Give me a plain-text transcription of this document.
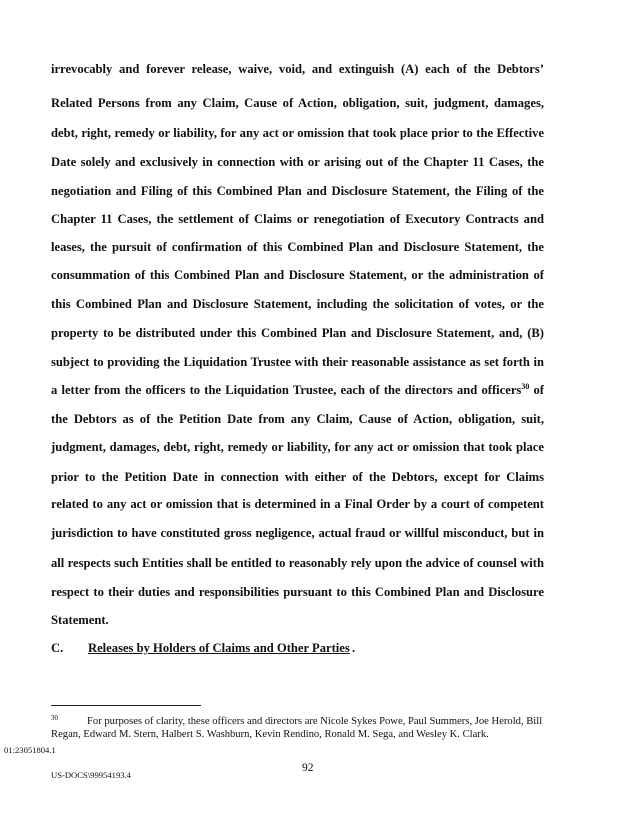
irrevocably and forever release, waive, void, and extinguish (A) each of the Debtors’
Related Persons from any Claim, Cause of Action, obligation, suit, judgment, damages,
debt, right, remedy or liability, for any act or omission that took place prior to the Effective
Date solely and exclusively in connection with or arising out of the Chapter 11 Cases, the
negotiation and Filing of this Combined Plan and Disclosure Statement, the Filing of the
Chapter 11 Cases, the settlement of Claims or renegotiation of Executory Contracts and
leases, the pursuit of confirmation of this Combined Plan and Disclosure Statement, the
consummation of this Combined Plan and Disclosure Statement, or the administration of
this Combined Plan and Disclosure Statement, including the solicitation of votes, or the
property to be distributed under this Combined Plan and Disclosure Statement, and, (B)
subject to providing the Liquidation Trustee with their reasonable assistance as set forth in
a letter from the officers to the Liquidation Trustee, each of the directors and officers$^{30}$ of
the Debtors as of the Petition Date from any Claim, Cause of Action, obligation, suit,
judgment, damages, debt, right, remedy or liability, for any act or omission that took place
prior to the Petition Date in connection with either of the Debtors, except for Claims
related to any act or omission that is determined in a Final Order by a court of competent
jurisdiction to have constituted gross negligence, actual fraud or willful misconduct, but in
all respects such Entities shall be entitled to reasonably rely upon the advice of counsel with
respect to their duties and responsibilities pursuant to this Combined Plan and Disclosure
Statement.
C. Releases by Holders of Claims and Other Parties .
30	For purposes of clarity, these officers and directors are Nicole Sykes Powe, Paul Summers, Joe Herold, Bill
Regan, Edward M. Stern, Halbert S. Washburn, Kevin Rendino, Ronald M. Sega, and Wesley K. Clark.
01:23051804.1
92
US-DOCS\99954193.4
